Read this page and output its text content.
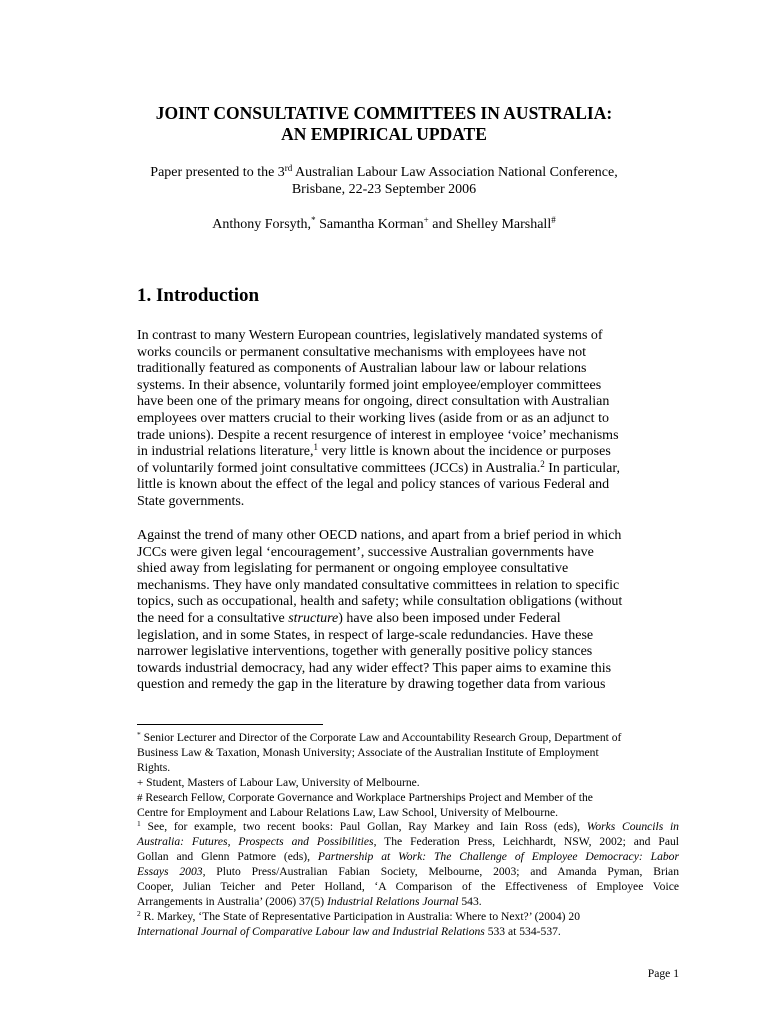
JOINT CONSULTATIVE COMMITTEES IN AUSTRALIA:
AN EMPIRICAL UPDATE

Paper presented to the 3rd Australian Labour Law Association National Conference,
Brisbane, 22-23 September 2006

Anthony Forsyth,* Samantha Korman+ and Shelley Marshall#

1. Introduction

In contrast to many Western European countries, legislatively mandated systems of
works councils or permanent consultative mechanisms with employees have not
traditionally featured as components of Australian labour law or labour relations
systems. In their absence, voluntarily formed joint employee/employer committees
have been one of the primary means for ongoing, direct consultation with Australian
employees over matters crucial to their working lives (aside from or as an adjunct to
trade unions). Despite a recent resurgence of interest in employee ‘voice’ mechanisms
in industrial relations literature,$^1$ very little is known about the incidence or purposes
of voluntarily formed joint consultative committees (JCCs) in Australia.$^2$ In particular,
little is known about the effect of the legal and policy stances of various Federal and
State governments.

Against the trend of many other OECD nations, and apart from a brief period in which
JCCs were given legal ‘encouragement’, successive Australian governments have
shied away from legislating for permanent or ongoing employee consultative
mechanisms. They have only mandated consultative committees in relation to specific
topics, such as occupational, health and safety; while consultation obligations (without
the need for a consultative structure) have also been imposed under Federal
legislation, and in some States, in respect of large-scale redundancies. Have these
narrower legislative interventions, together with generally positive policy stances
towards industrial democracy, had any wider effect? This paper aims to examine this
question and remedy the gap in the literature by drawing together data from various

* Senior Lecturer and Director of the Corporate Law and Accountability Research Group, Department of
Business Law & Taxation, Monash University; Associate of the Australian Institute of Employment
Rights.
+ Student, Masters of Labour Law, University of Melbourne.
# Research Fellow, Corporate Governance and Workplace Partnerships Project and Member of the
Centre for Employment and Labour Relations Law, Law School, University of Melbourne.
$^1$ See, for example, two recent books: Paul Gollan, Ray Markey and Iain Ross (eds), Works Councils in
Australia: Futures, Prospects and Possibilities, The Federation Press, Leichhardt, NSW, 2002; and Paul
Gollan and Glenn Patmore (eds), Partnership at Work: The Challenge of Employee Democracy: Labor
Essays 2003, Pluto Press/Australian Fabian Society, Melbourne, 2003; and Amanda Pyman, Brian
Cooper, Julian Teicher and Peter Holland, ‘A Comparison of the Effectiveness of Employee Voice
Arrangements in Australia’ (2006) 37(5) Industrial Relations Journal 543.
$^2$ R. Markey, ‘The State of Representative Participation in Australia: Where to Next?’ (2004) 20
International Journal of Comparative Labour law and Industrial Relations 533 at 534-537.

Page 1
